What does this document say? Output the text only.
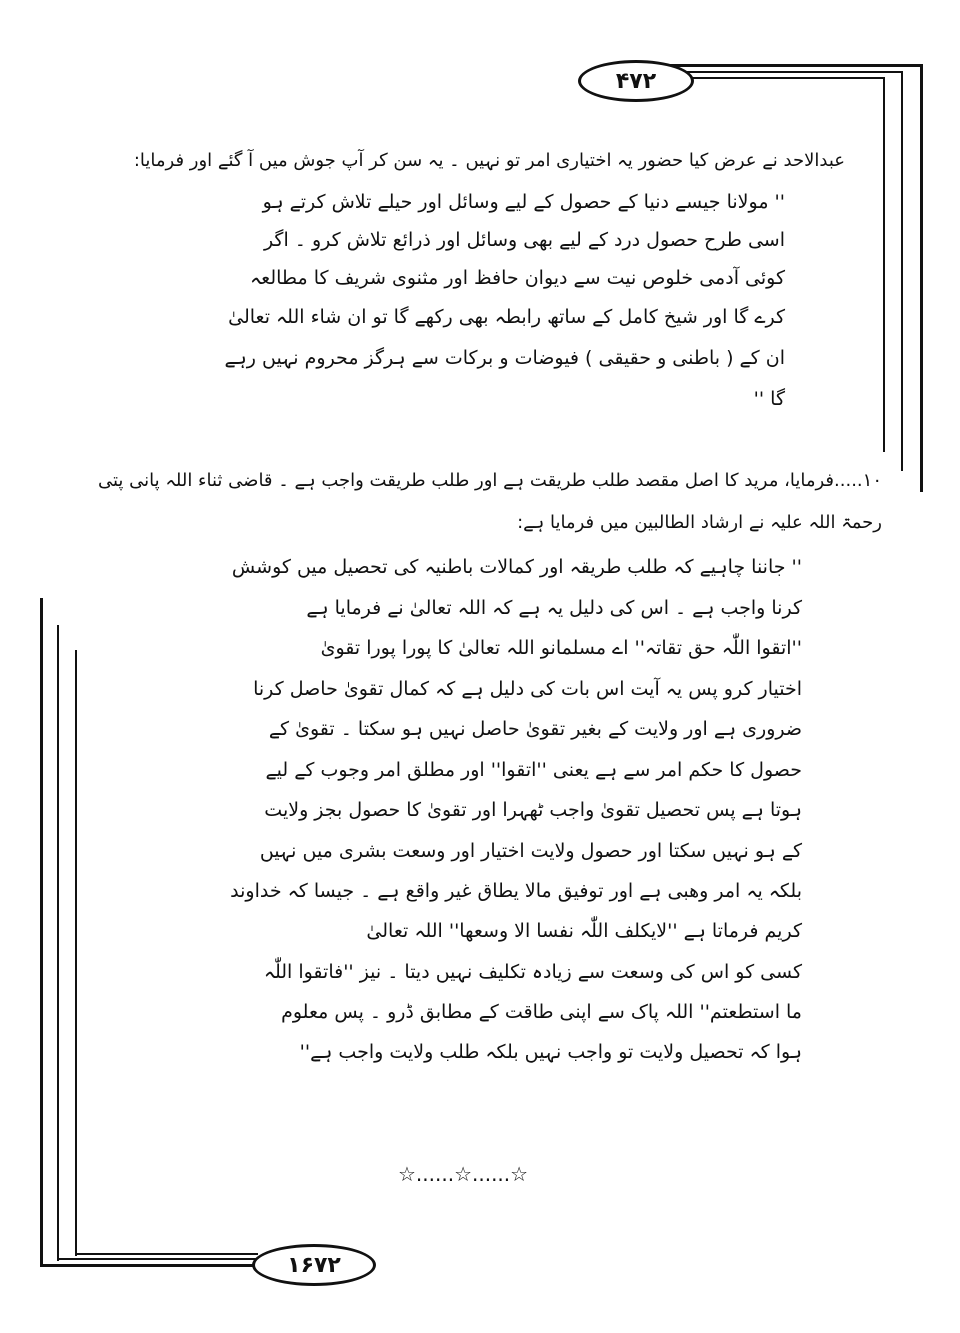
۴۷۲
۱۶۷۲
عبدالاحد نے عرض کیا حضور یہ اختیاری امر تو نہیں ۔ یہ سن کر آپ جوش میں آ گئے اور فرمایا:
'' مولانا جیسے دنیا کے حصول کے لیے وسائل اور حیلے تلاش کرتے ہو
اسی طرح حصول درد کے لیے بھی وسائل اور ذرائع تلاش کرو ۔ اگر
کوئی آدمی خلوص نیت سے دیوان حافظ اور مثنوی شریف کا مطالعہ
کرے گا اور شیخ کامل کے ساتھ رابطہ بھی رکھے گا تو ان شاء اللہ تعالیٰ
ان کے ( باطنی و حقیقی ) فیوضات و برکات سے ہرگز محروم نہیں رہے
گا ''
۱۰.....فرمایا، مرید کا اصل مقصد طلب طریقت ہے اور طلب طریقت واجب ہے ۔ قاضی ثناء اللہ پانی پتی
رحمۃ اللہ علیہ نے ارشاد الطالبین میں فرمایا ہے:
'' جاننا چاہیے کہ طلب طریقہ اور کمالات باطنیہ کی تحصیل میں کوشش
کرنا واجب ہے ۔ اس کی دلیل یہ ہے کہ اللہ تعالیٰ نے فرمایا ہے
''اتقوا اللّٰہ حق تقاتہ'' اے مسلمانو اللہ تعالیٰ کا پورا پورا تقویٰ
اختیار کرو پس یہ آیت اس بات کی دلیل ہے کہ کمال تقویٰ حاصل کرنا
ضروری ہے اور ولایت کے بغیر تقویٰ حاصل نہیں ہو سکتا ۔ تقویٰ کے
حصول کا حکم امر سے ہے یعنی ''اتقوا'' اور مطلق امر وجوب کے لیے
ہوتا ہے پس تحصیل تقویٰ واجب ٹھہرا اور تقویٰ کا حصول بجز ولایت
کے ہو نہیں سکتا اور حصول ولایت اختیار اور وسعت بشری میں نہیں
بلکہ یہ امر وھبی ہے اور توفیق مالا یطاق غیر واقع ہے ۔ جیسا کہ خداوند
کریم فرماتا ہے ''لایکلف اللّٰہ نفسا الا وسعھا'' اللہ تعالیٰ
کسی کو اس کی وسعت سے زیادہ تکلیف نہیں دیتا ۔ نیز ''فاتقوا اللّٰہ
ما استطعتم'' اللہ پاک سے اپنی طاقت کے مطابق ڈرو ۔ پس معلوم
ہوا کہ تحصیل ولایت تو واجب نہیں بلکہ طلب ولایت واجب ہے''
☆......☆......☆
